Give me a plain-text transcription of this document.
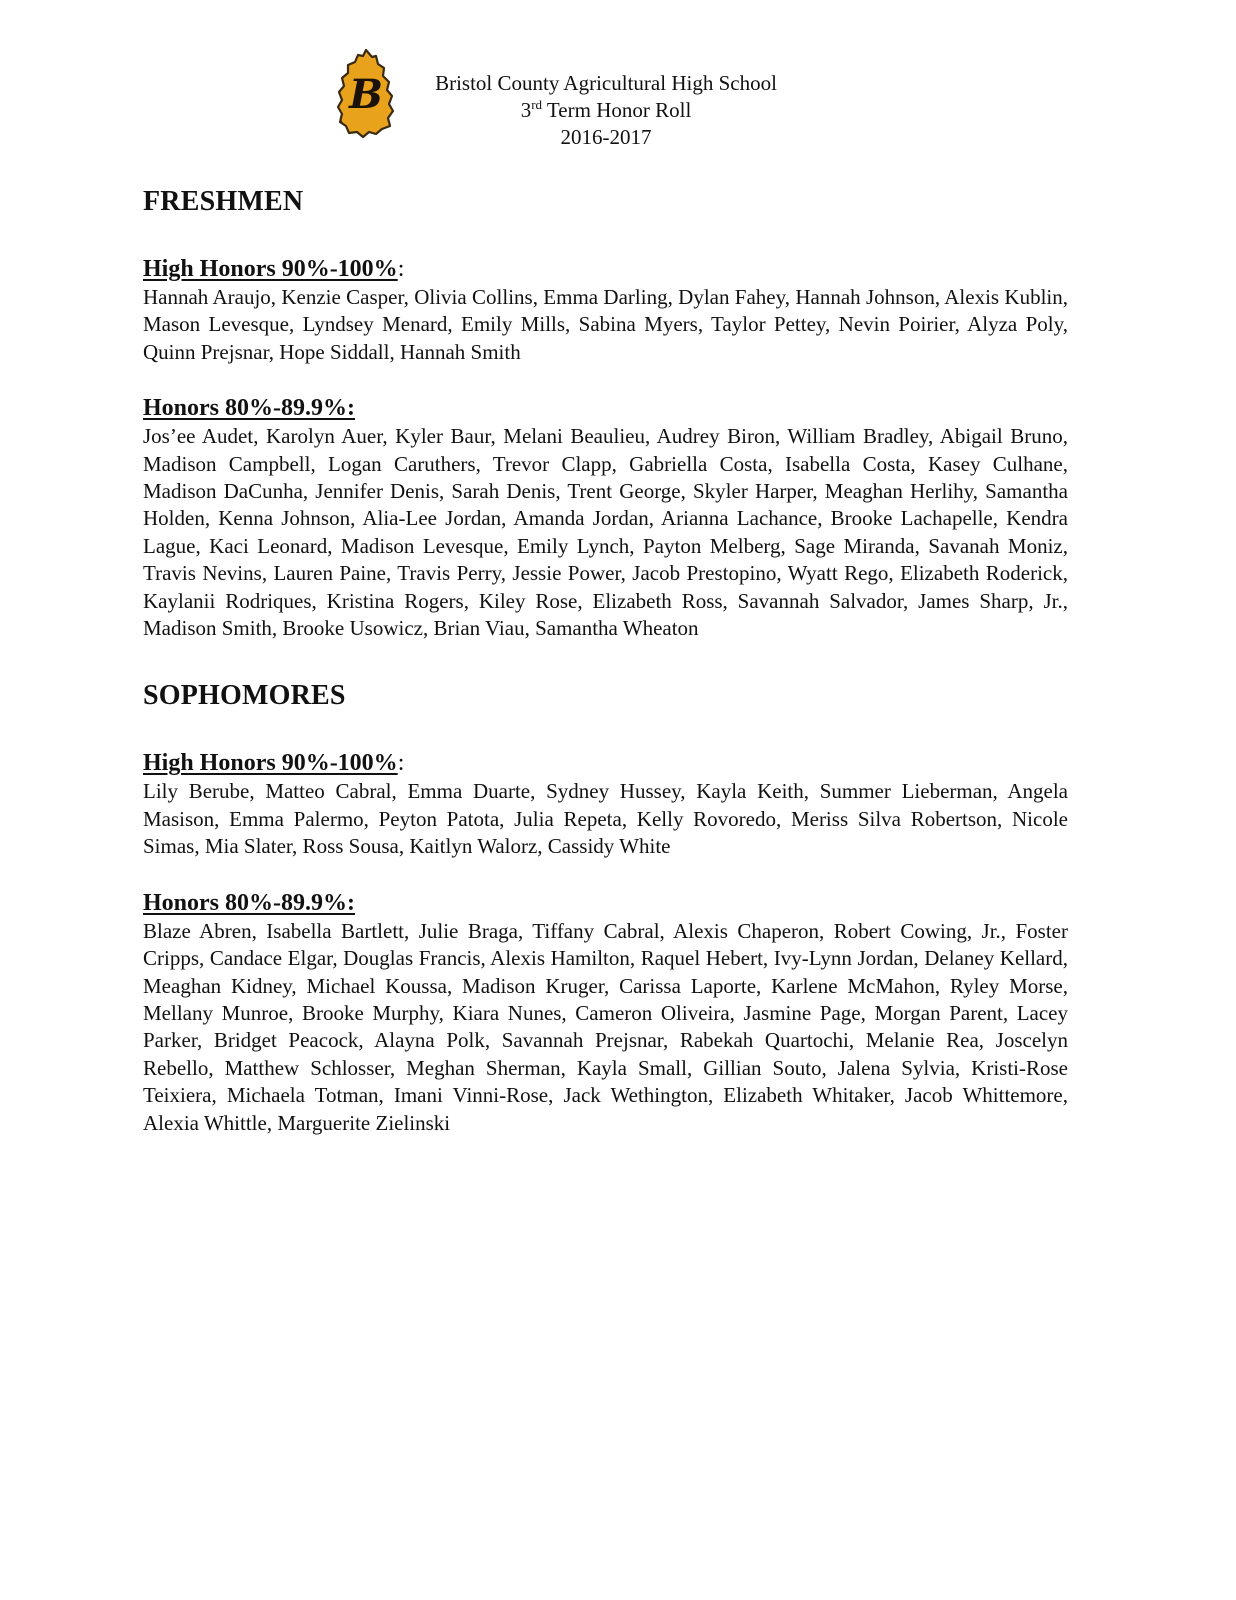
B	Bristol County Agricultural High School
3rd Term Honor Roll
2016-2017
FRESHMEN
High Honors 90%-100%:
Hannah Araujo, Kenzie Casper, Olivia Collins, Emma Darling, Dylan Fahey, Hannah Johnson, Alexis Kublin, Mason Levesque, Lyndsey Menard, Emily Mills, Sabina Myers, Taylor Pettey, Nevin Poirier, Alyza Poly, Quinn Prejsnar, Hope Siddall, Hannah Smith
Honors 80%-89.9%:
Jos’ee Audet, Karolyn Auer, Kyler Baur, Melani Beaulieu, Audrey Biron, William Bradley, Abigail Bruno, Madison Campbell, Logan Caruthers, Trevor Clapp, Gabriella Costa, Isabella Costa, Kasey Culhane, Madison DaCunha, Jennifer Denis, Sarah Denis, Trent George, Skyler Harper, Meaghan Herlihy, Samantha Holden, Kenna Johnson, Alia-Lee Jordan, Amanda Jordan, Arianna Lachance, Brooke Lachapelle, Kendra Lague, Kaci Leonard, Madison Levesque, Emily Lynch, Payton Melberg, Sage Miranda, Savanah Moniz, Travis Nevins, Lauren Paine, Travis Perry, Jessie Power, Jacob Prestopino, Wyatt Rego, Elizabeth Roderick, Kaylanii Rodriques, Kristina Rogers, Kiley Rose, Elizabeth Ross, Savannah Salvador, James Sharp, Jr., Madison Smith, Brooke Usowicz, Brian Viau, Samantha Wheaton
SOPHOMORES
High Honors 90%-100%:
Lily Berube, Matteo Cabral, Emma Duarte, Sydney Hussey, Kayla Keith, Summer Lieberman, Angela Masison, Emma Palermo, Peyton Patota, Julia Repeta, Kelly Rovoredo, Meriss Silva Robertson, Nicole Simas, Mia Slater, Ross Sousa, Kaitlyn Walorz, Cassidy White
Honors 80%-89.9%:
Blaze Abren, Isabella Bartlett, Julie Braga, Tiffany Cabral, Alexis Chaperon, Robert Cowing, Jr., Foster Cripps, Candace Elgar, Douglas Francis, Alexis Hamilton, Raquel Hebert, Ivy-Lynn Jordan, Delaney Kellard, Meaghan Kidney, Michael Koussa, Madison Kruger, Carissa Laporte, Karlene McMahon, Ryley Morse, Mellany Munroe, Brooke Murphy, Kiara Nunes, Cameron Oliveira, Jasmine Page, Morgan Parent, Lacey Parker, Bridget Peacock, Alayna Polk, Savannah Prejsnar, Rabekah Quartochi, Melanie Rea, Joscelyn Rebello, Matthew Schlosser, Meghan Sherman, Kayla Small, Gillian Souto, Jalena Sylvia, Kristi-Rose Teixiera, Michaela Totman, Imani Vinni-Rose, Jack Wethington, Elizabeth Whitaker, Jacob Whittemore, Alexia Whittle, Marguerite Zielinski
